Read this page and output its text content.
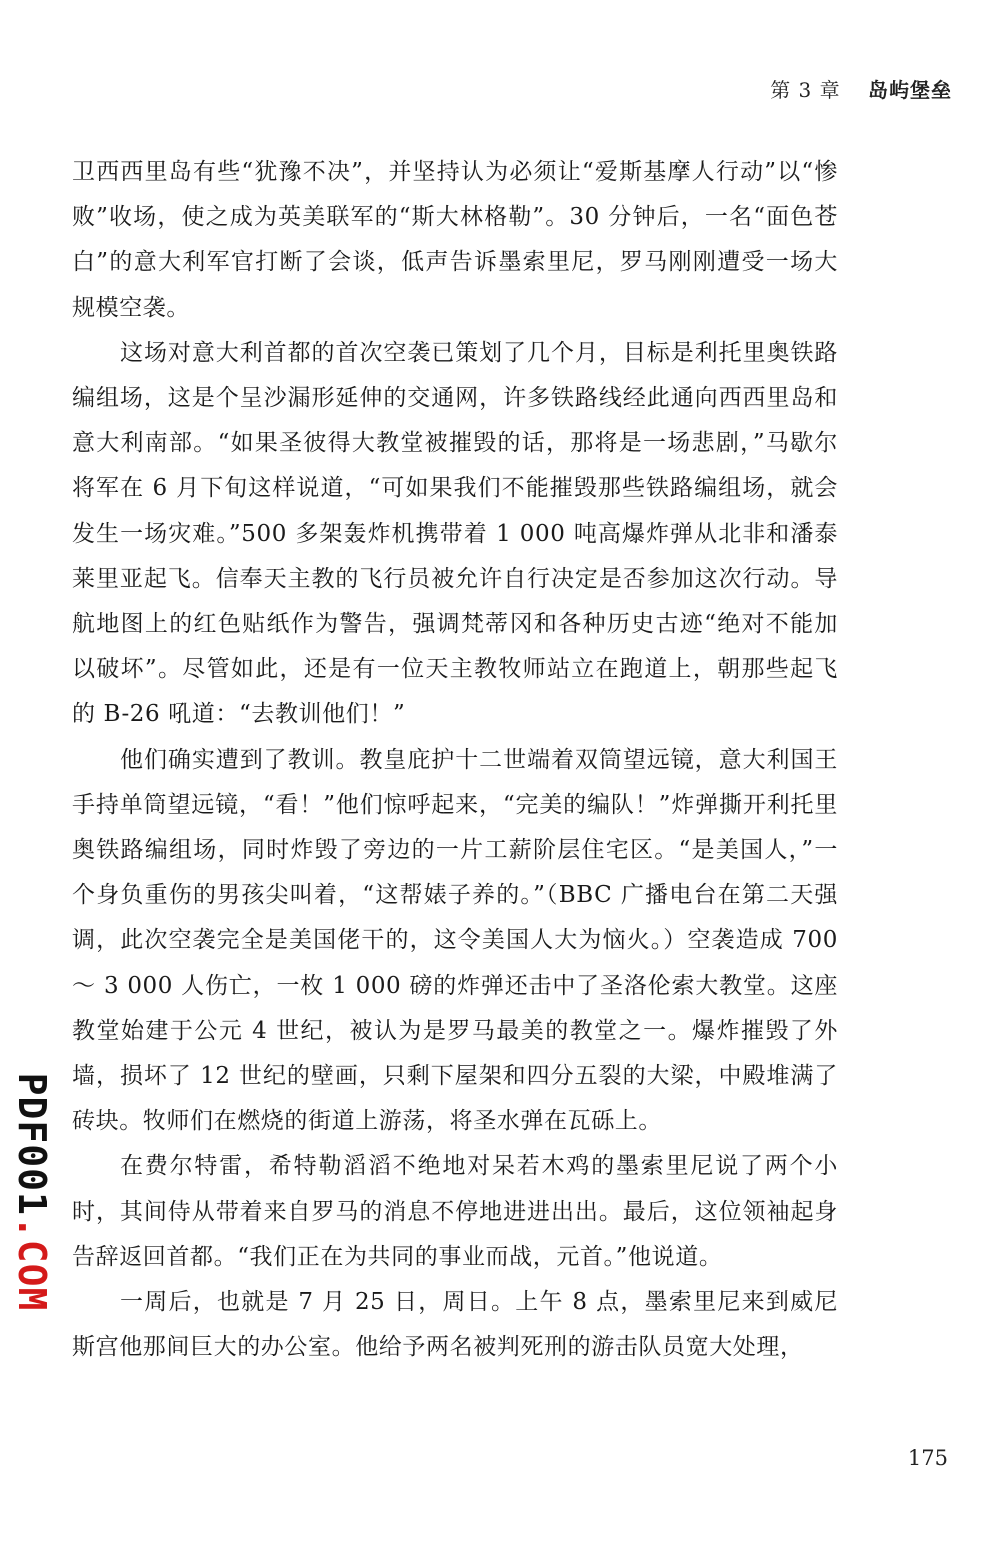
第 3 章 岛屿堡垒

卫西西里岛有些“犹豫不决”，并坚持认为必须让“爱斯基摩人行动”以“惨败”收场，使之成为英美联军的“斯大林格勒”。30 分钟后，一名“面色苍白”的意大利军官打断了会谈，低声告诉墨索里尼，罗马刚刚遭受一场大规模空袭。

这场对意大利首都的首次空袭已策划了几个月，目标是利托里奥铁路编组场，这是个呈沙漏形延伸的交通网，许多铁路线经此通向西西里岛和意大利南部。“如果圣彼得大教堂被摧毁的话，那将是一场悲剧，”马歇尔将军在 6 月下旬这样说道，“可如果我们不能摧毁那些铁路编组场，就会发生一场灾难。”500 多架轰炸机携带着 1 000 吨高爆炸弹从北非和潘泰莱里亚起飞。信奉天主教的飞行员被允许自行决定是否参加这次行动。导航地图上的红色贴纸作为警告，强调梵蒂冈和各种历史古迹“绝对不能加以破坏”。尽管如此，还是有一位天主教牧师站立在跑道上，朝那些起飞的 B-26 吼道：“去教训他们！”

他们确实遭到了教训。教皇庇护十二世端着双筒望远镜，意大利国王手持单筒望远镜，“看！”他们惊呼起来，“完美的编队！”炸弹撕开利托里奥铁路编组场，同时炸毁了旁边的一片工薪阶层住宅区。“是美国人，”一个身负重伤的男孩尖叫着，“这帮婊子养的。”（BBC 广播电台在第二天强调，此次空袭完全是美国佬干的，这令美国人大为恼火。）空袭造成 700 ～ 3 000 人伤亡，一枚 1 000 磅的炸弹还击中了圣洛伦索大教堂。这座教堂始建于公元 4 世纪，被认为是罗马最美的教堂之一。爆炸摧毁了外墙，损坏了 12 世纪的壁画，只剩下屋架和四分五裂的大梁，中殿堆满了砖块。牧师们在燃烧的街道上游荡，将圣水弹在瓦砾上。

在费尔特雷，希特勒滔滔不绝地对呆若木鸡的墨索里尼说了两个小时，其间侍从带着来自罗马的消息不停地进进出出。最后，这位领袖起身告辞返回首都。“我们正在为共同的事业而战，元首。”他说道。

一周后，也就是 7 月 25 日，周日。上午 8 点，墨索里尼来到威尼斯宫他那间巨大的办公室。他给予两名被判死刑的游击队员宽大处理，

175
PDF001.COM
